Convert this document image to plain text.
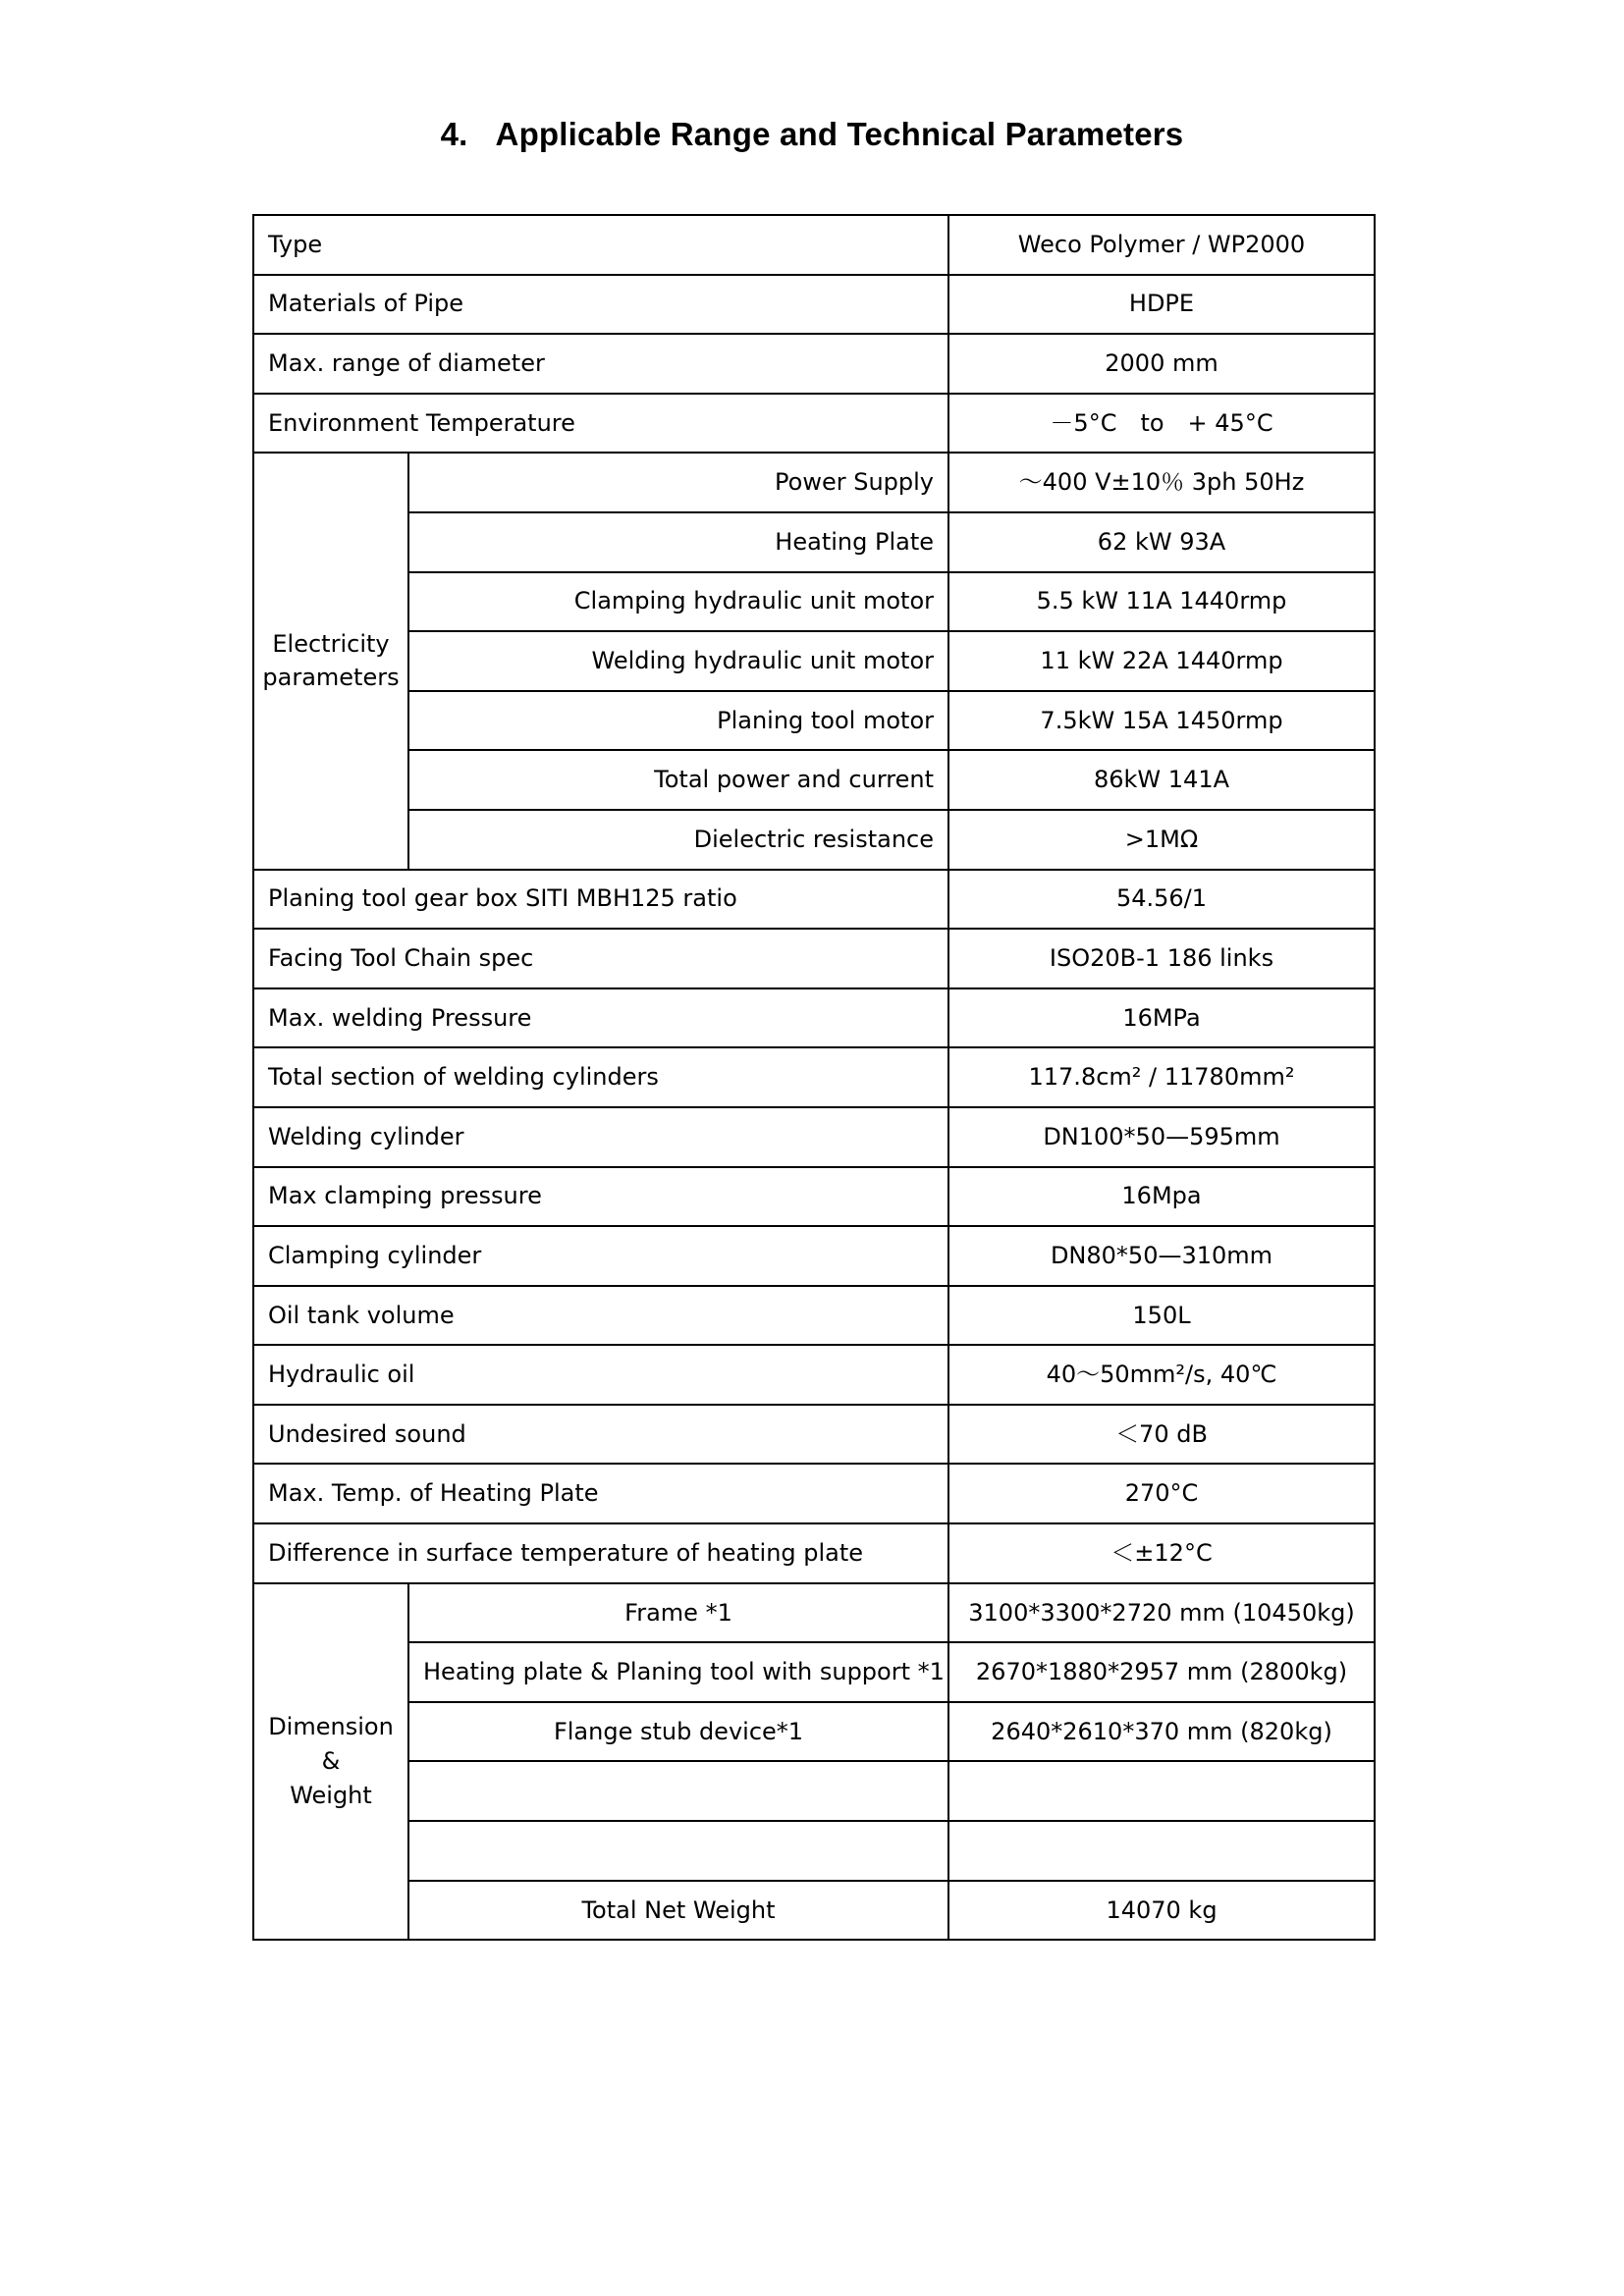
4. Applicable Range and Technical Parameters
Type		Weco Polymer / WP2000
Materials of Pipe		HDPE
Max. range of diameter		2000 mm
Environment Temperature		－5°C　to　+ 45°C
Electricity parameters	Power Supply	～400 V±10％ 3ph 50Hz
	Heating Plate	62 kW 93A
	Clamping hydraulic unit motor	5.5 kW 11A 1440rmp
	Welding hydraulic unit motor	11 kW 22A 1440rmp
	Planing tool motor	7.5kW 15A 1450rmp
	Total power and current	86kW 141A
	Dielectric resistance	>1MΩ
Planing tool gear box SITI MBH125 ratio		54.56/1
Facing Tool Chain spec		ISO20B-1 186 links
Max. welding Pressure		16MPa
Total section of welding cylinders		117.8cm² / 11780mm²
Welding cylinder		DN100*50—595mm
Max clamping pressure		16Mpa
Clamping cylinder		DN80*50—310mm
Oil tank volume		150L
Hydraulic oil		40～50mm²/s, 40℃
Undesired sound		＜70 dB
Max. Temp. of Heating Plate		270°C
Difference in surface temperature of heating plate		＜±12°C
Dimension
&
Weight	Frame *1	3100*3300*2720 mm (10450kg)
	Heating plate & Planing tool with support *1	2670*1880*2957 mm (2800kg)
	Flange stub device*1	2640*2610*370 mm (820kg)

	Total Net Weight	14070 kg
